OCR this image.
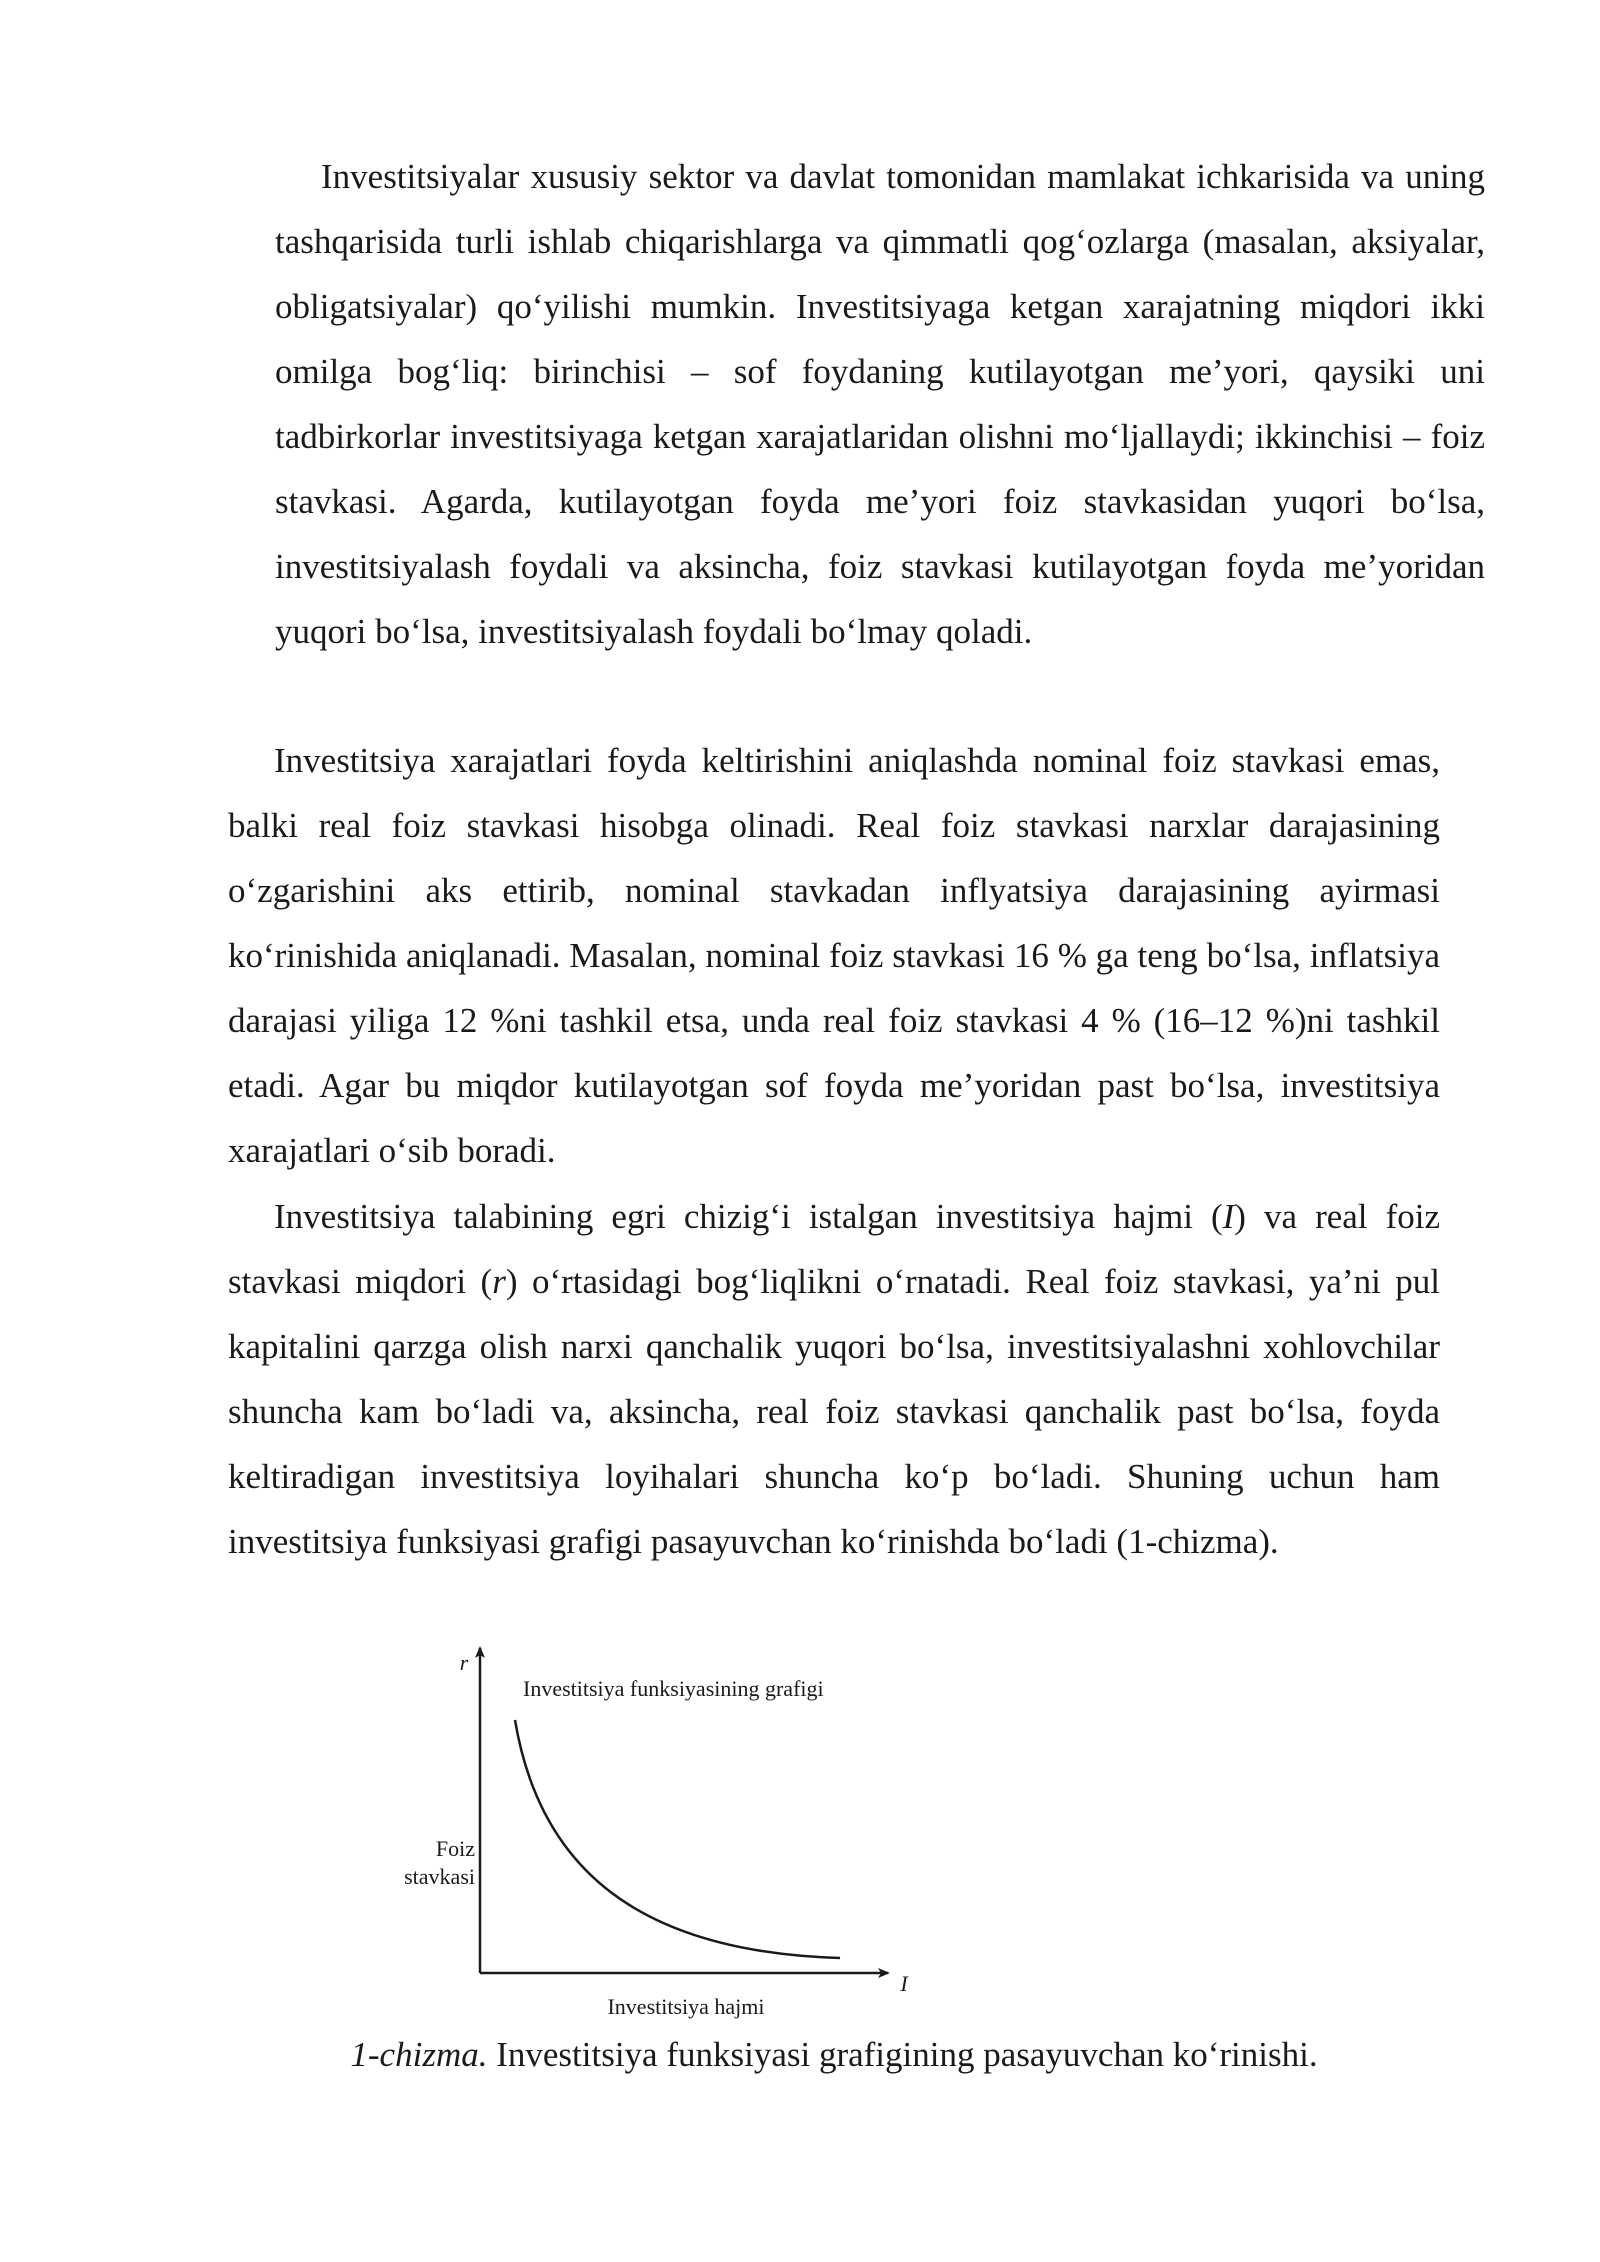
Investitsiyalar xususiy sektor va davlat tomonidan mamlakat ichkarisida va uning tashqarisida turli ishlab chiqarishlarga va qimmatli qog‘ozlarga (masalan, aksiyalar, obligatsiyalar) qo‘yilishi mumkin. Investitsiyaga ketgan xarajatning miqdori ikki omilga bog‘liq: birinchisi – sof foydaning kutilayotgan me’yori, qaysiki uni tadbirkorlar investitsiyaga ketgan xarajatlaridan olishni mo‘ljallaydi; ikkinchisi – foiz stavkasi. Agarda, kutilayotgan foyda me’yori foiz stavkasidan yuqori bo‘lsa, investitsiyalash foydali va aksincha, foiz stavkasi kutilayotgan foyda me’yoridan yuqori bo‘lsa, investitsiyalash foydali bo‘lmay qoladi.

Investitsiya xarajatlari foyda keltirishini aniqlashda nominal foiz stavkasi emas, balki real foiz stavkasi hisobga olinadi. Real foiz stavkasi narxlar darajasining o‘zgarishini aks ettirib, nominal stavkadan inflyatsiya darajasining ayirmasi ko‘rinishida aniqlanadi. Masalan, nominal foiz stavkasi 16 % ga teng bo‘lsa, inflatsiya darajasi yiliga 12 %ni tashkil etsa, unda real foiz stavkasi 4 % (16–12 %)ni tashkil etadi. Agar bu miqdor kutilayotgan sof foyda me’yoridan past bo‘lsa, investitsiya xarajatlari o‘sib boradi.

Investitsiya talabining egri chizig‘i istalgan investitsiya hajmi (I) va real foiz stavkasi miqdori (r) o‘rtasidagi bog‘liqlikni o‘rnatadi. Real foiz stavkasi, ya’ni pul kapitalini qarzga olish narxi qanchalik yuqori bo‘lsa, investitsiyalashni xohlovchilar shuncha kam bo‘ladi va, aksincha, real foiz stavkasi qanchalik past bo‘lsa, foyda keltiradigan investitsiya loyihalari shuncha ko‘p bo‘ladi. Shuning uchun ham investitsiya funksiyasi grafigi pasayuvchan ko‘rinishda bo‘ladi (1-chizma).

r
I
Investitsiya funksiyasining grafigi
Foiz
stavkasi
Investitsiya hajmi
1-chizma. Investitsiya funksiyasi grafigining pasayuvchan ko‘rinishi.
